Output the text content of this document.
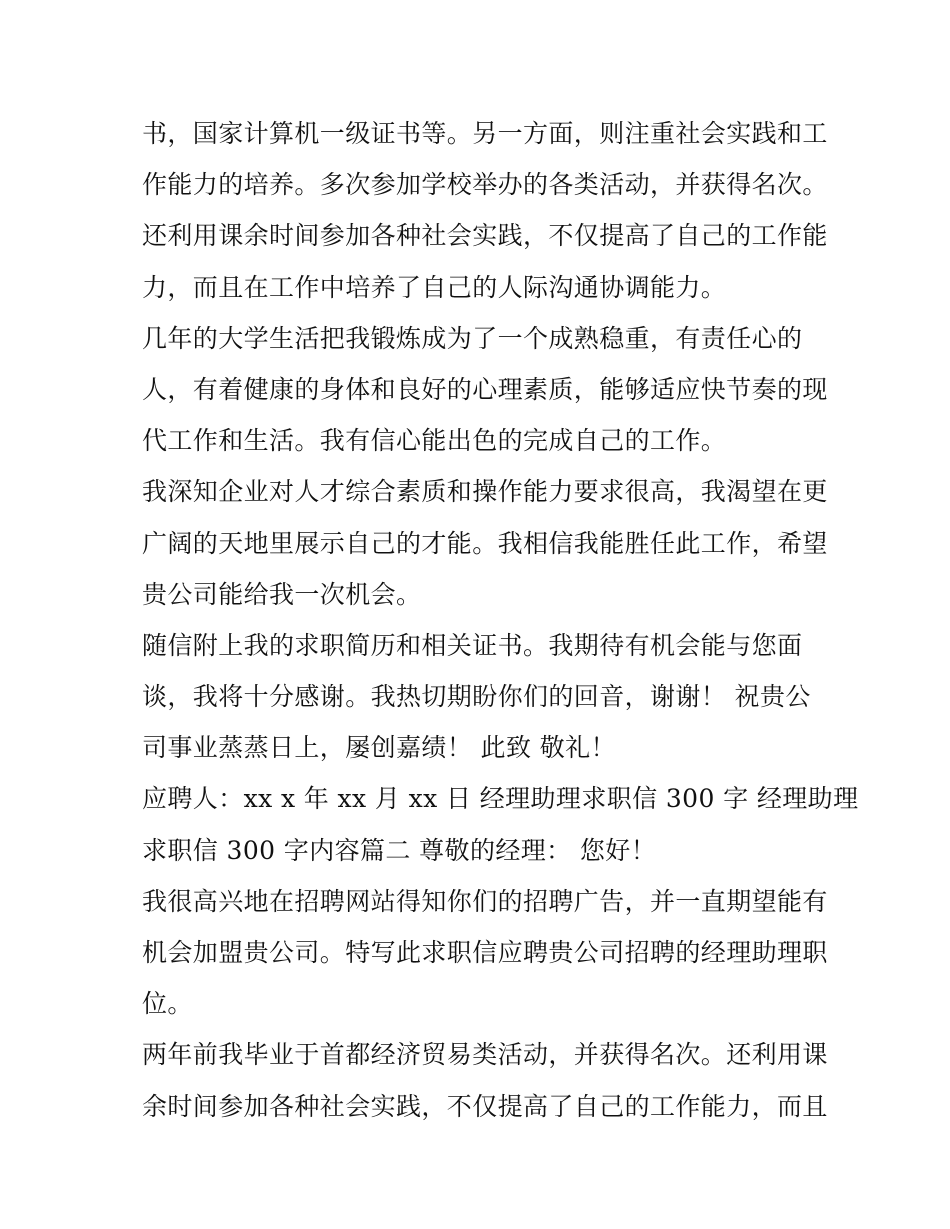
书，国家计算机一级证书等。另一方面，则注重社会实践和工
作能力的培养。多次参加学校举办的各类活动，并获得名次。
还利用课余时间参加各种社会实践，不仅提高了自己的工作能
力，而且在工作中培养了自己的人际沟通协调能力。
几年的大学生活把我锻炼成为了一个成熟稳重，有责任心的
人，有着健康的身体和良好的心理素质，能够适应快节奏的现
代工作和生活。我有信心能出色的完成自己的工作。
我深知企业对人才综合素质和操作能力要求很高，我渴望在更
广阔的天地里展示自己的才能。我相信我能胜任此工作，希望
贵公司能给我一次机会。
随信附上我的求职简历和相关证书。我期待有机会能与您面
谈，我将十分感谢。我热切期盼你们的回音，谢谢！ 祝贵公
司事业蒸蒸日上，屡创嘉绩！ 此致 敬礼！
应聘人：xx x 年 xx 月 xx 日 经理助理求职信 300 字 经理助理
求职信 300 字内容篇二 尊敬的经理： 您好！
我很高兴地在招聘网站得知你们的招聘广告，并一直期望能有
机会加盟贵公司。特写此求职信应聘贵公司招聘的经理助理职
位。
两年前我毕业于首都经济贸易类活动，并获得名次。还利用课
余时间参加各种社会实践，不仅提高了自己的工作能力，而且
